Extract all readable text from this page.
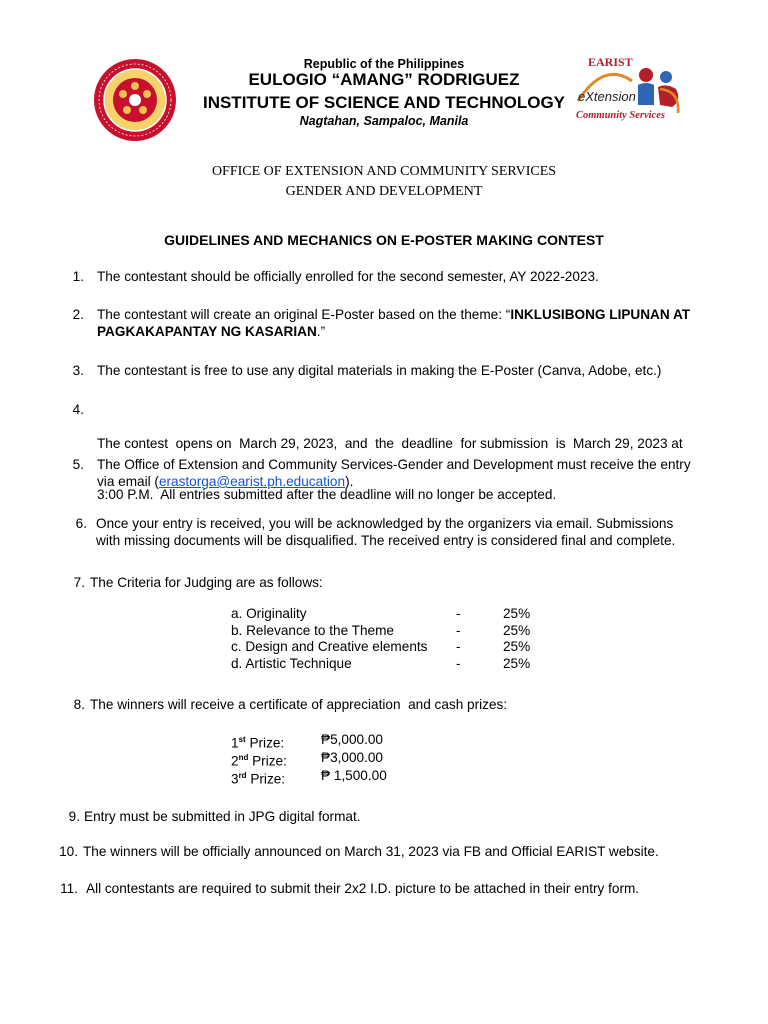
Republic of the Philippines
EULOGIO “AMANG” RODRIGUEZ
INSTITUTE OF SCIENCE AND TECHNOLOGY
Nagtahan, Sampaloc, Manila
EARIST
eXtension
Community Services
OFFICE OF EXTENSION AND COMMUNITY SERVICES
GENDER AND DEVELOPMENT
GUIDELINES AND MECHANICS ON E-POSTER MAKING CONTEST
1. The contestant should be officially enrolled for the second semester, AY 2022-2023.
2. The contestant will create an original E-Poster based on the theme: “INKLUSIBONG LIPUNAN AT
PAGKAKAPANTAY NG KASARIAN.”
3. The contestant is free to use any digital materials in making the E-Poster (Canva, Adobe, etc.)
4.

The contest  opens on  March 29, 2023,  and  the  deadline  for submission  is  March 29, 2023 at

3:00 P.M.  All entries submitted after the deadline will no longer be accepted.

5. The Office of Extension and Community Services-Gender and Development must receive the entry
via email (erastorga@earist.ph.education).
6. Once your entry is received, you will be acknowledged by the organizers via email. Submissions
with missing documents will be disqualified. The received entry is considered final and complete.
7. The Criteria for Judging are as follows:
a. Originality	-	25%
b. Relevance to the Theme	-	25%
c. Design and Creative elements -	25%
d. Artistic Technique	-	25%
8. The winners will receive a certificate of appreciation  and cash prizes:
1st Prize:	₱5,000.00
2nd Prize:	₱3,000.00
3rd Prize:	₱ 1,500.00
9. Entry must be submitted in JPG digital format.
10. The winners will be officially announced on March 31, 2023 via FB and Official EARIST website.
11. All contestants are required to submit their 2x2 I.D. picture to be attached in their entry form.
